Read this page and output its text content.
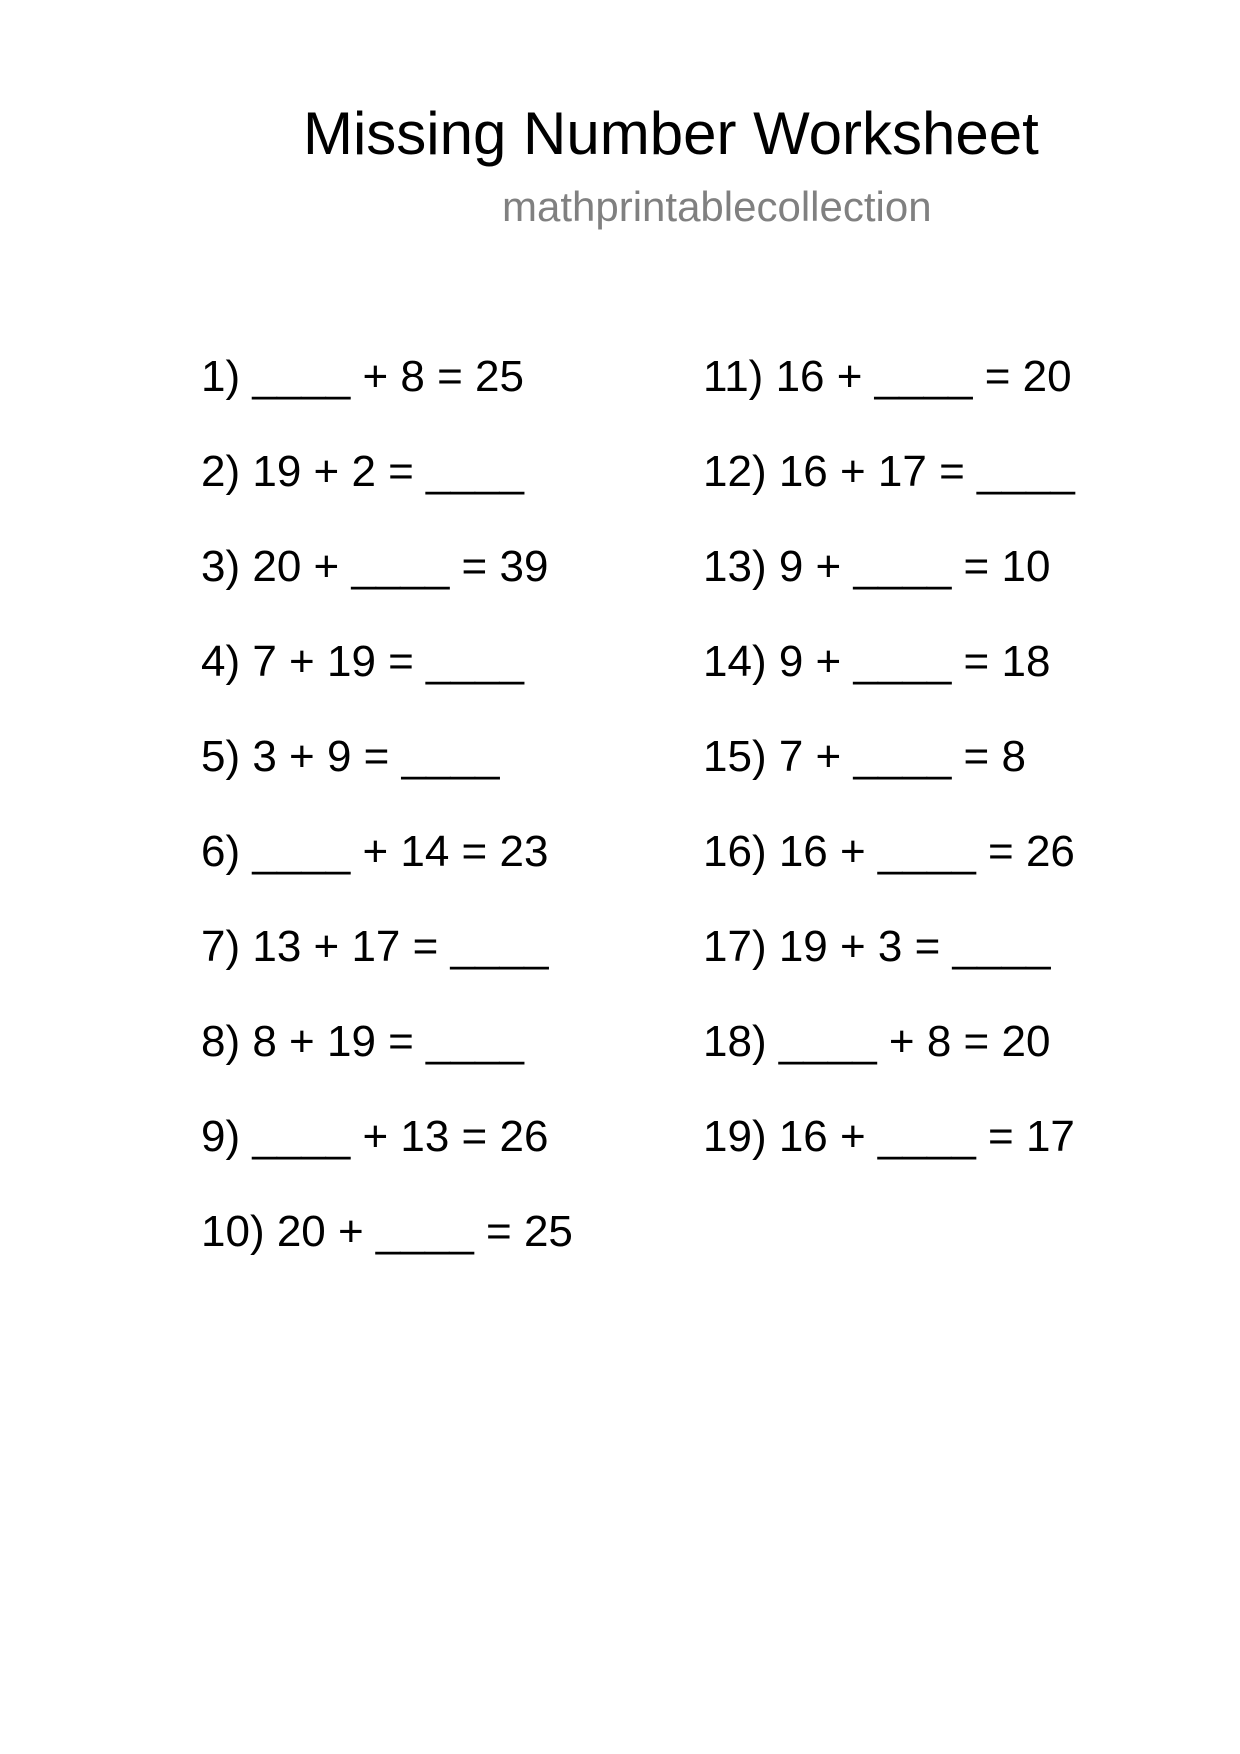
Missing Number Worksheet
mathprintablecollection
1) ____ + 8 = 25
2) 19 + 2 = ____
3) 20 + ____ = 39
4) 7 + 19 = ____
5) 3 + 9 = ____
6) ____ + 14 = 23
7) 13 + 17 = ____
8) 8 + 19 = ____
9) ____ + 13 = 26
10) 20 + ____ = 25
11) 16 + ____ = 20
12) 16 + 17 = ____
13) 9 + ____ = 10
14) 9 + ____ = 18
15) 7 + ____ = 8
16) 16 + ____ = 26
17) 19 + 3 = ____
18) ____ + 8 = 20
19) 16 + ____ = 17
